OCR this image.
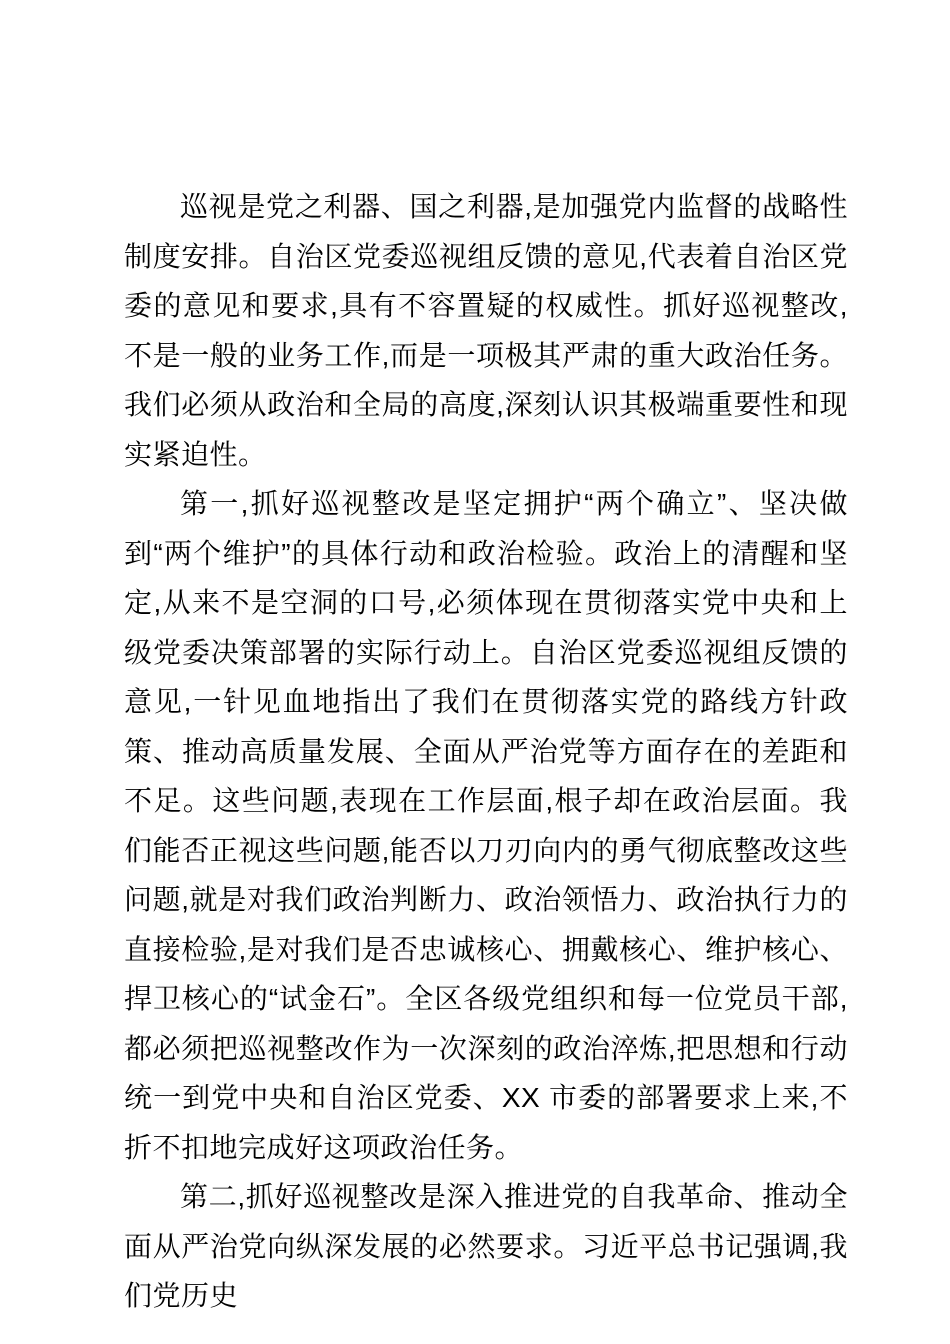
巡视是党之利器、国之利器,是加强党内监督的战略性制度安排。自治区党委巡视组反馈的意见,代表着自治区党委的意见和要求,具有不容置疑的权威性。抓好巡视整改,不是一般的业务工作,而是一项极其严肃的重大政治任务。我们必须从政治和全局的高度,深刻认识其极端重要性和现实紧迫性。

第一,抓好巡视整改是坚定拥护“两个确立”、坚决做到“两个维护”的具体行动和政治检验。政治上的清醒和坚定,从来不是空洞的口号,必须体现在贯彻落实党中央和上级党委决策部署的实际行动上。自治区党委巡视组反馈的意见,一针见血地指出了我们在贯彻落实党的路线方针政策、推动高质量发展、全面从严治党等方面存在的差距和不足。这些问题,表现在工作层面,根子却在政治层面。我们能否正视这些问题,能否以刀刃向内的勇气彻底整改这些问题,就是对我们政治判断力、政治领悟力、政治执行力的直接检验,是对我们是否忠诚核心、拥戴核心、维护核心、捍卫核心的“试金石”。全区各级党组织和每一位党员干部,都必须把巡视整改作为一次深刻的政治淬炼,把思想和行动统一到党中央和自治区党委、XX 市委的部署要求上来,不折不扣地完成好这项政治任务。

第二,抓好巡视整改是深入推进党的自我革命、推动全面从严治党向纵深发展的必然要求。习近平总书记强调,我们党历史
